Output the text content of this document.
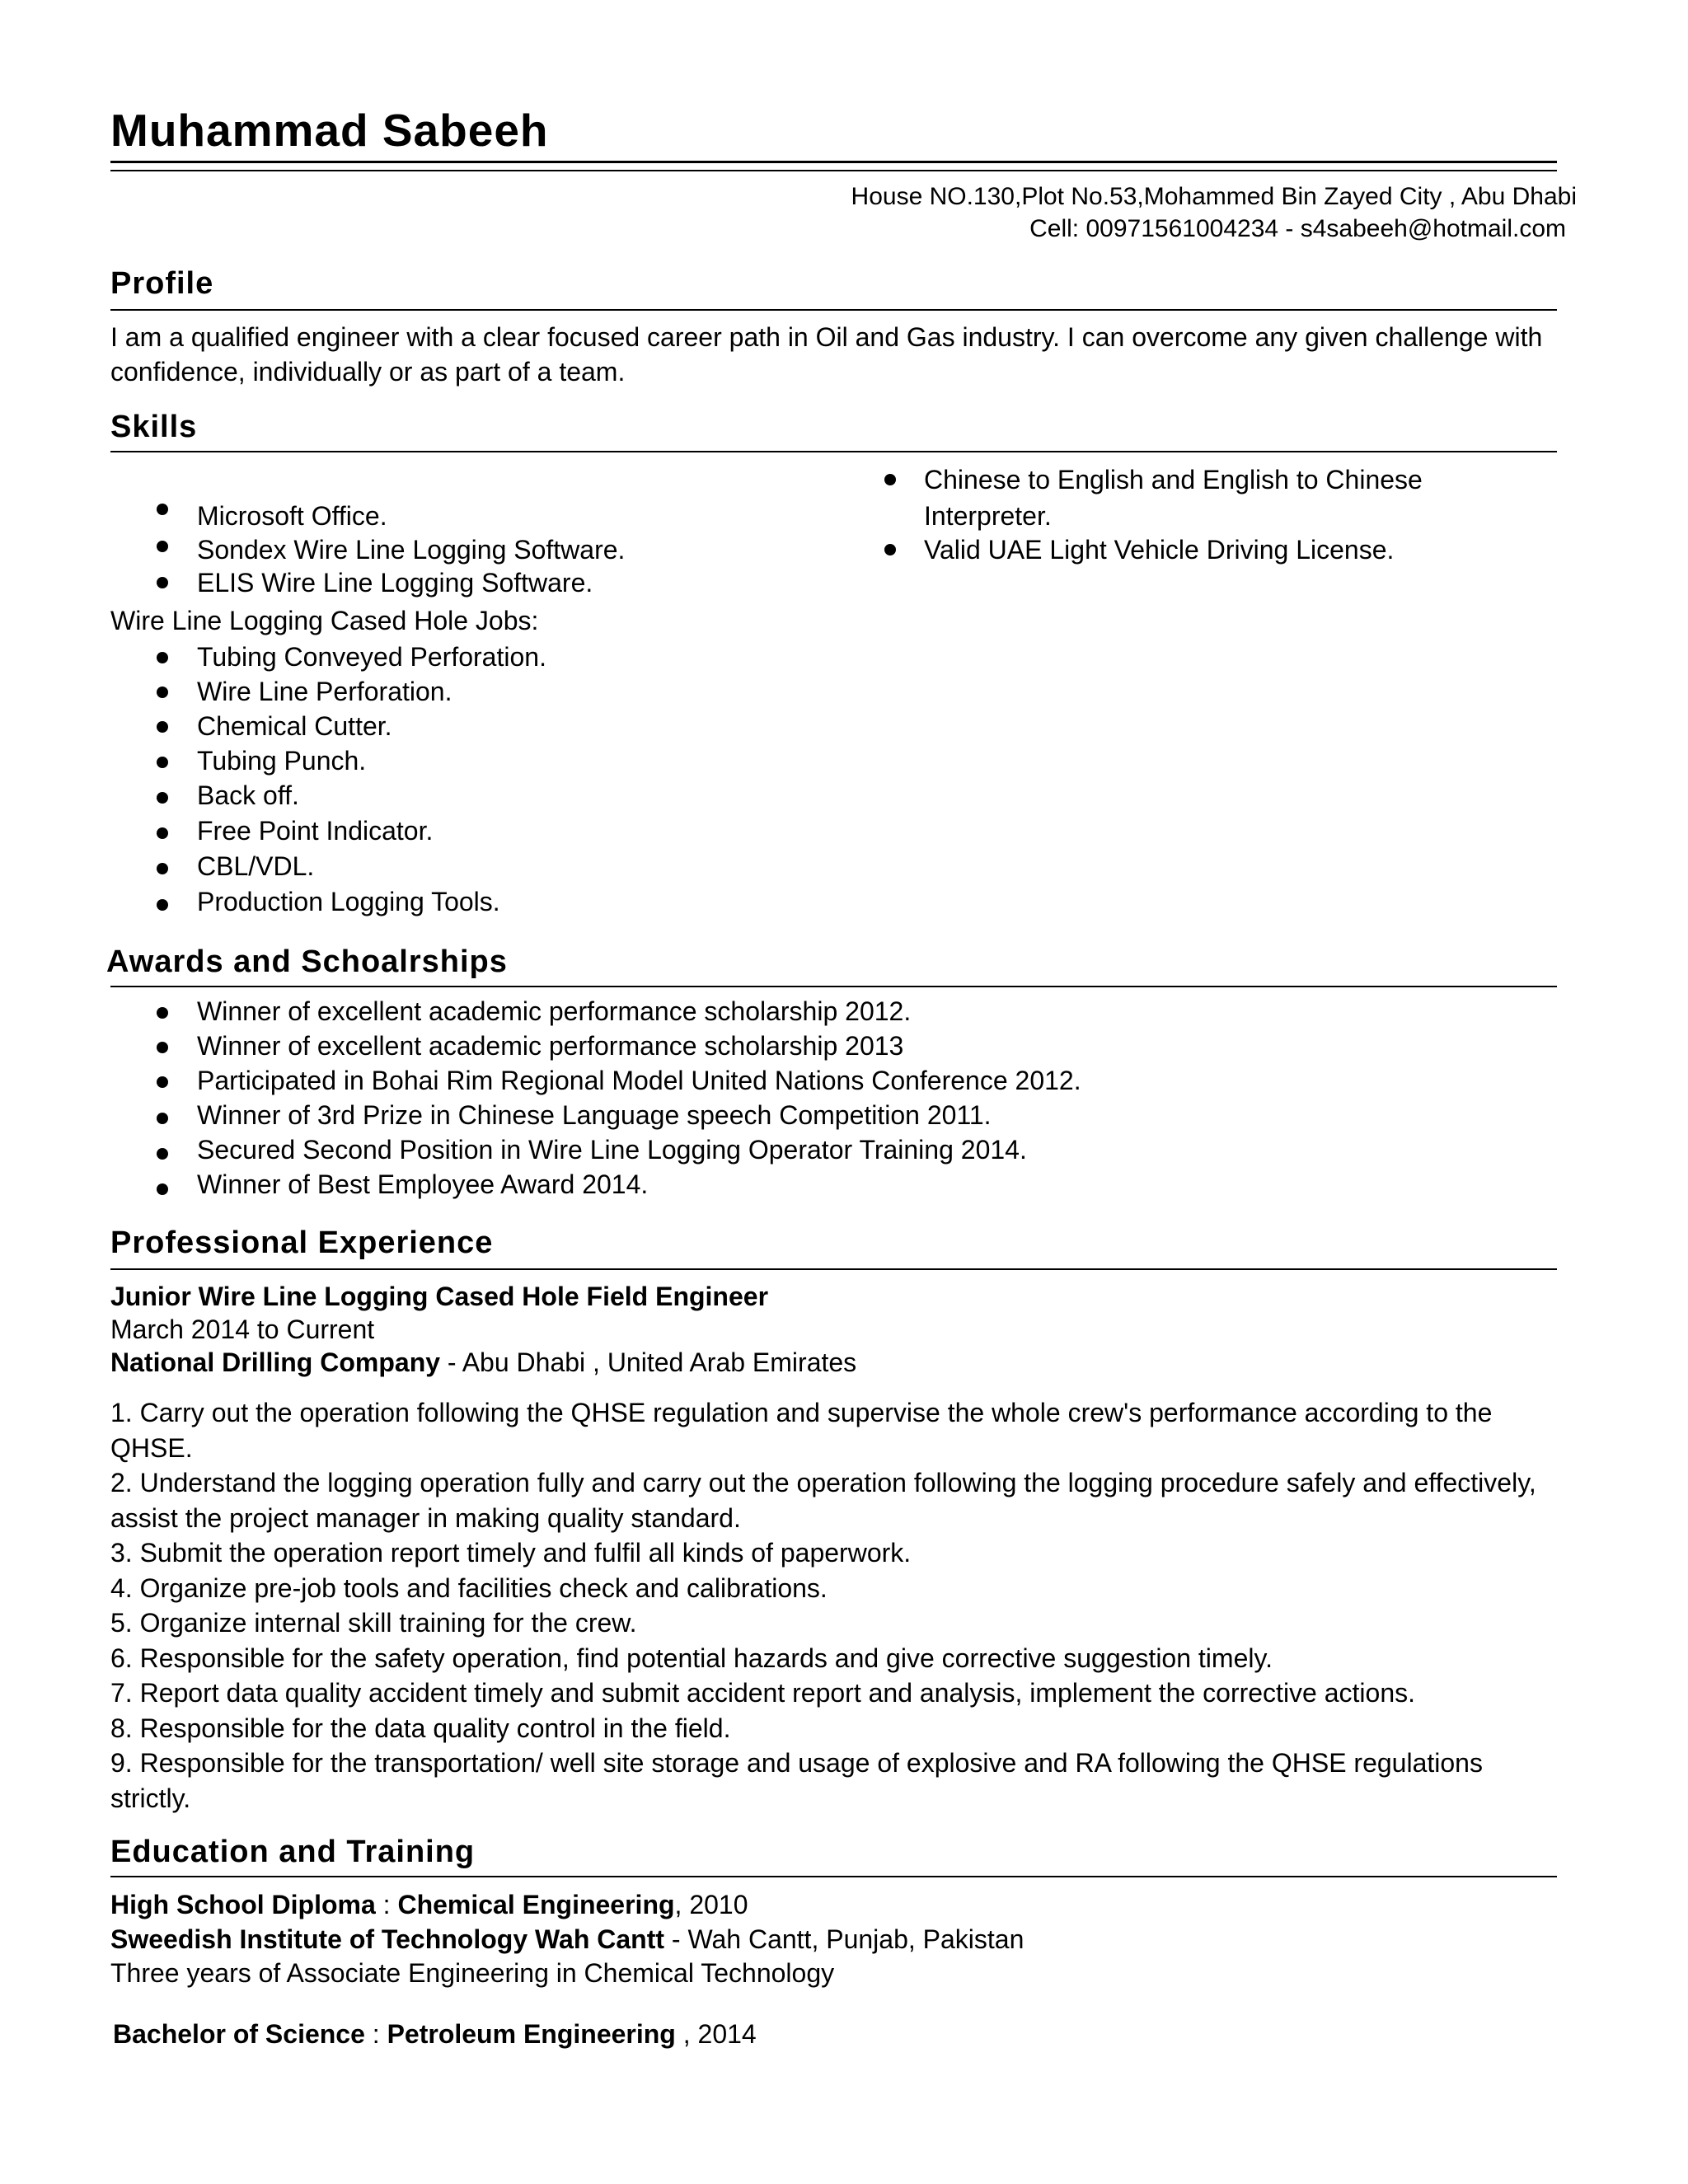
Muhammad Sabeeh
House NO.130,Plot No.53,Mohammed Bin Zayed City , Abu Dhabi
Cell: 00971561004234 - s4sabeeh@hotmail.com
Profile
I am a qualified engineer with a clear focused career path in Oil and Gas industry. I can overcome any given challenge with confidence, individually or as part of a team.
Skills
Microsoft Office.
Sondex Wire Line Logging Software.
ELIS Wire Line Logging Software.
Chinese to English and English to Chinese
Interpreter.
Valid UAE Light Vehicle Driving License.
Wire Line Logging Cased Hole Jobs:
Tubing Conveyed Perforation.
Wire Line Perforation.
Chemical Cutter.
Tubing Punch.
Back off.
Free Point Indicator.
CBL/VDL.
Production Logging Tools.
Awards and Schoalrships
Winner of excellent academic performance scholarship 2012.
Winner of excellent academic performance scholarship 2013
Participated in Bohai Rim Regional Model United Nations Conference 2012.
Winner of 3rd Prize in Chinese Language speech Competition 2011.
Secured Second Position in Wire Line Logging Operator Training 2014.
Winner of Best Employee Award 2014.
Professional Experience
Junior Wire Line Logging Cased Hole Field Engineer
March 2014 to Current
National Drilling Company - Abu Dhabi , United Arab Emirates
1. Carry out the operation following the QHSE regulation and supervise the whole crew's performance according to the QHSE.
2. Understand the logging operation fully and carry out the operation following the logging procedure safely and effectively, assist the project manager in making quality standard.
3. Submit the operation report timely and fulfil all kinds of paperwork.
4. Organize pre-job tools and facilities check and calibrations.
5. Organize internal skill training for the crew.
6. Responsible for the safety operation, find potential hazards and give corrective suggestion timely.
7. Report data quality accident timely and submit accident report and analysis, implement the corrective actions.
8. Responsible for the data quality control in the field.
9. Responsible for the transportation/ well site storage and usage of explosive and RA following the QHSE regulations strictly.
Education and Training
High School Diploma : Chemical Engineering, 2010
Sweedish Institute of Technology Wah Cantt - Wah Cantt, Punjab, Pakistan
Three years of Associate Engineering in Chemical Technology
Bachelor of Science : Petroleum Engineering , 2014
